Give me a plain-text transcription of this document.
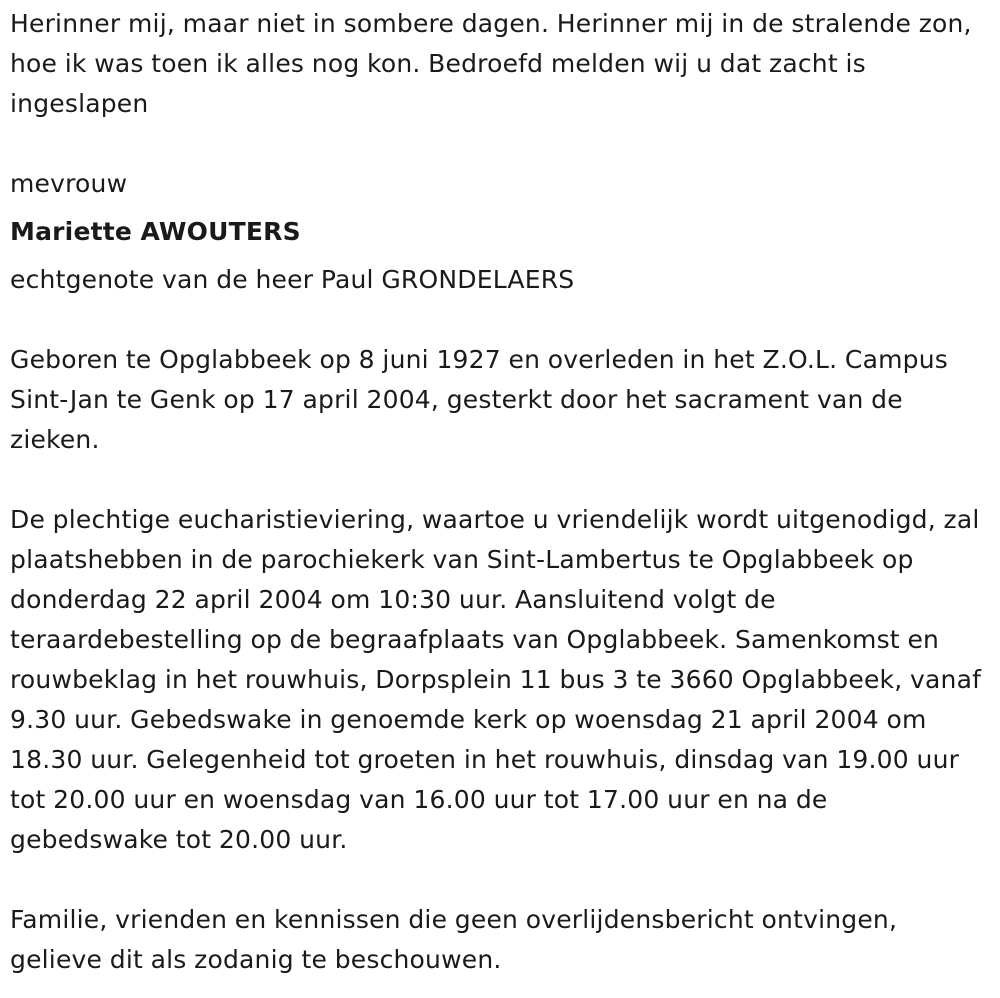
Herinner mij, maar niet in sombere dagen. Herinner mij in de stralende zon, hoe ik was toen ik alles nog kon. Bedroefd melden wij u dat zacht is ingeslapen

mevrouw

Mariette AWOUTERS

echtgenote van de heer Paul GRONDELAERS

Geboren te Opglabbeek op 8 juni 1927 en overleden in het Z.O.L. Campus Sint-Jan te Genk op 17 april 2004, gesterkt door het sacrament van de zieken.

De plechtige eucharistieviering, waartoe u vriendelijk wordt uitgenodigd, zal plaatshebben in de parochiekerk van Sint-Lambertus te Opglabbeek op donderdag 22 april 2004 om 10:30 uur. Aansluitend volgt de teraardebestelling op de begraafplaats van Opglabbeek. Samenkomst en rouwbeklag in het rouwhuis, Dorpsplein 11 bus 3 te 3660 Opglabbeek, vanaf 9.30 uur. Gebedswake in genoemde kerk op woensdag 21 april 2004 om 18.30 uur. Gelegenheid tot groeten in het rouwhuis, dinsdag van 19.00 uur tot 20.00 uur en woensdag van 16.00 uur tot 17.00 uur en na de gebedswake tot 20.00 uur.

Familie, vrienden en kennissen die geen overlijdensbericht ontvingen, gelieve dit als zodanig te beschouwen.
